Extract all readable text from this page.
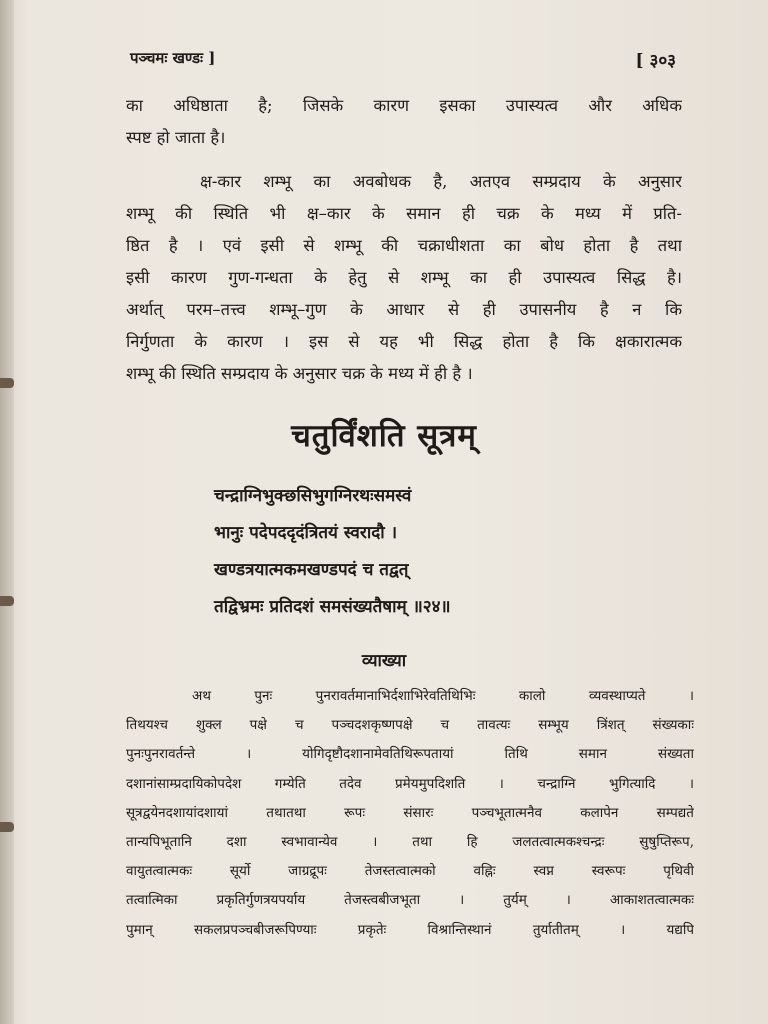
पञ्चमः खण्डः ]	[ ३०३
का अधिष्ठाता है; जिसके कारण इसका उपास्यत्व और अधिक
स्पष्ट हो जाता है।
क्ष-कार शम्भू का अवबोधक है, अतएव सम्प्रदाय के अनुसार
शम्भू की स्थिति भी क्ष–कार के समान ही चक्र के मध्य में प्रति-
ष्ठित है । एवं इसी से शम्भू की चक्राधीशता का बोध होता है तथा
इसी कारण गुण-गन्धता के हेतु से शम्भू का ही उपास्यत्व सिद्ध है।
अर्थात् परम–तत्त्व शम्भू–गुण के आधार से ही उपासनीय है न कि
निर्गुणता के कारण । इस से यह भी सिद्ध होता है कि क्षकारात्मक
शम्भू की स्थिति सम्प्रदाय के अनुसार चक्र के मध्य में ही है ।
चतुर्विंशति सूत्रम्
चन्द्राग्निभुक्छसिभुगग्निरथःसमस्वं
भानुः पदेपददृदंत्रितयं स्वरादौ ।
खण्डत्रयात्मकमखण्डपदं च तद्वत्
तद्विभ्रमः प्रतिदशं समसंख्यतैषाम् ॥२४॥
व्याख्या
अथ पुनः पुनरावर्तमानाभिर्दशाभिरेवतिथिभिः कालो व्यवस्थाप्यते ।
तिथयश्च शुक्ल पक्षे च पञ्चदशकृष्णपक्षे च तावत्यः सम्भूय त्रिंशत् संख्यकाः
पुनःपुनरावर्तन्ते । योगिदृष्टौदशानामेवतिथिरूपतायां तिथि समान संख्यता
दशानांसाम्प्रदायिकोपदेश गम्येति तदेव प्रमेयमुपदिशति । चन्द्राग्नि भुगित्यादि ।
सूत्रद्वयेनदशायांदशायां तथातथा रूपः संसारः पञ्चभूतात्मनैव कलापेन सम्पद्यते
तान्यपिभूतानि दशा स्वभावान्येव । तथा हि जलतत्वात्मकश्चन्द्रः सुषुप्तिरूप,
वायुतत्वात्मकः सूर्यो जाग्रद्रूपः तेजस्तत्वात्मको वह्निः स्वप्न स्वरूपः पृथिवी
तत्वात्मिका प्रकृतिर्गुणत्रयपर्याय तेजस्त्वबीजभूता । तुर्यम् । आकाशतत्वात्मकः
पुमान् सकलप्रपञ्चबीजरूपिण्याः प्रकृतेः विश्रान्तिस्थानं तुर्यातीतम् । यद्यपि
